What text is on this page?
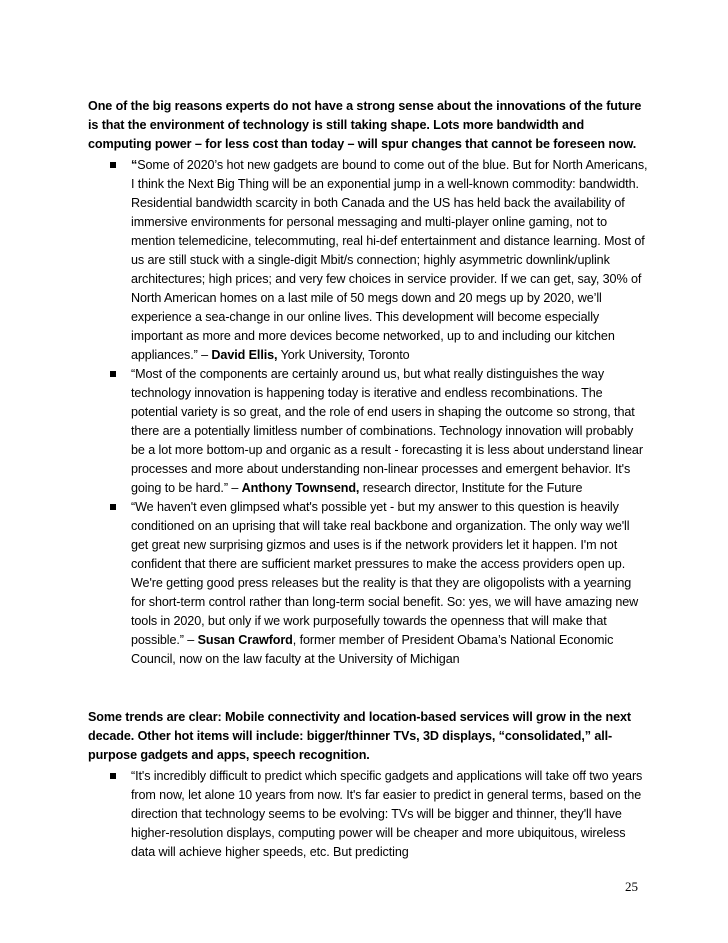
One of the big reasons experts do not have a strong sense about the innovations of the future is that the environment of technology is still taking shape. Lots more bandwidth and computing power – for less cost than today – will spur changes that cannot be foreseen now.

“Some of 2020’s hot new gadgets are bound to come out of the blue. But for North Americans, I think the Next Big Thing will be an exponential jump in a well-known commodity: bandwidth. Residential bandwidth scarcity in both Canada and the US has held back the availability of immersive environments for personal messaging and multi-player online gaming, not to mention telemedicine, telecommuting, real hi-def entertainment and distance learning. Most of us are still stuck with a single-digit Mbit/s connection; highly asymmetric downlink/uplink architectures; high prices; and very few choices in service provider. If we can get, say, 30% of North American homes on a last mile of 50 megs down and 20 megs up by 2020, we’ll experience a sea-change in our online lives. This development will become especially important as more and more devices become networked, up to and including our kitchen appliances.” – David Ellis, York University, Toronto
“Most of the components are certainly around us, but what really distinguishes the way technology innovation is happening today is iterative and endless recombinations. The potential variety is so great, and the role of end users in shaping the outcome so strong, that there are a potentially limitless number of combinations. Technology innovation will probably be a lot more bottom-up and organic as a result - forecasting it is less about understand linear processes and more about understanding non-linear processes and emergent behavior. It's going to be hard.” – Anthony Townsend, research director, Institute for the Future
“We haven't even glimpsed what's possible yet - but my answer to this question is heavily conditioned on an uprising that will take real backbone and organization. The only way we'll get great new surprising gizmos and uses is if the network providers let it happen. I'm not confident that there are sufficient market pressures to make the access providers open up. We're getting good press releases but the reality is that they are oligopolists with a yearning for short-term control rather than long-term social benefit. So: yes, we will have amazing new tools in 2020, but only if we work purposefully towards the openness that will make that possible.” – Susan Crawford, former member of President Obama’s National Economic Council, now on the law faculty at the University of Michigan

Some trends are clear: Mobile connectivity and location-based services will grow in the next decade. Other hot items will include: bigger/thinner TVs, 3D displays, “consolidated,” all-purpose gadgets and apps, speech recognition.

“It's incredibly difficult to predict which specific gadgets and applications will take off two years from now, let alone 10 years from now. It's far easier to predict in general terms, based on the direction that technology seems to be evolving: TVs will be bigger and thinner, they'll have higher-resolution displays, computing power will be cheaper and more ubiquitous, wireless data will achieve higher speeds, etc. But predicting
25
